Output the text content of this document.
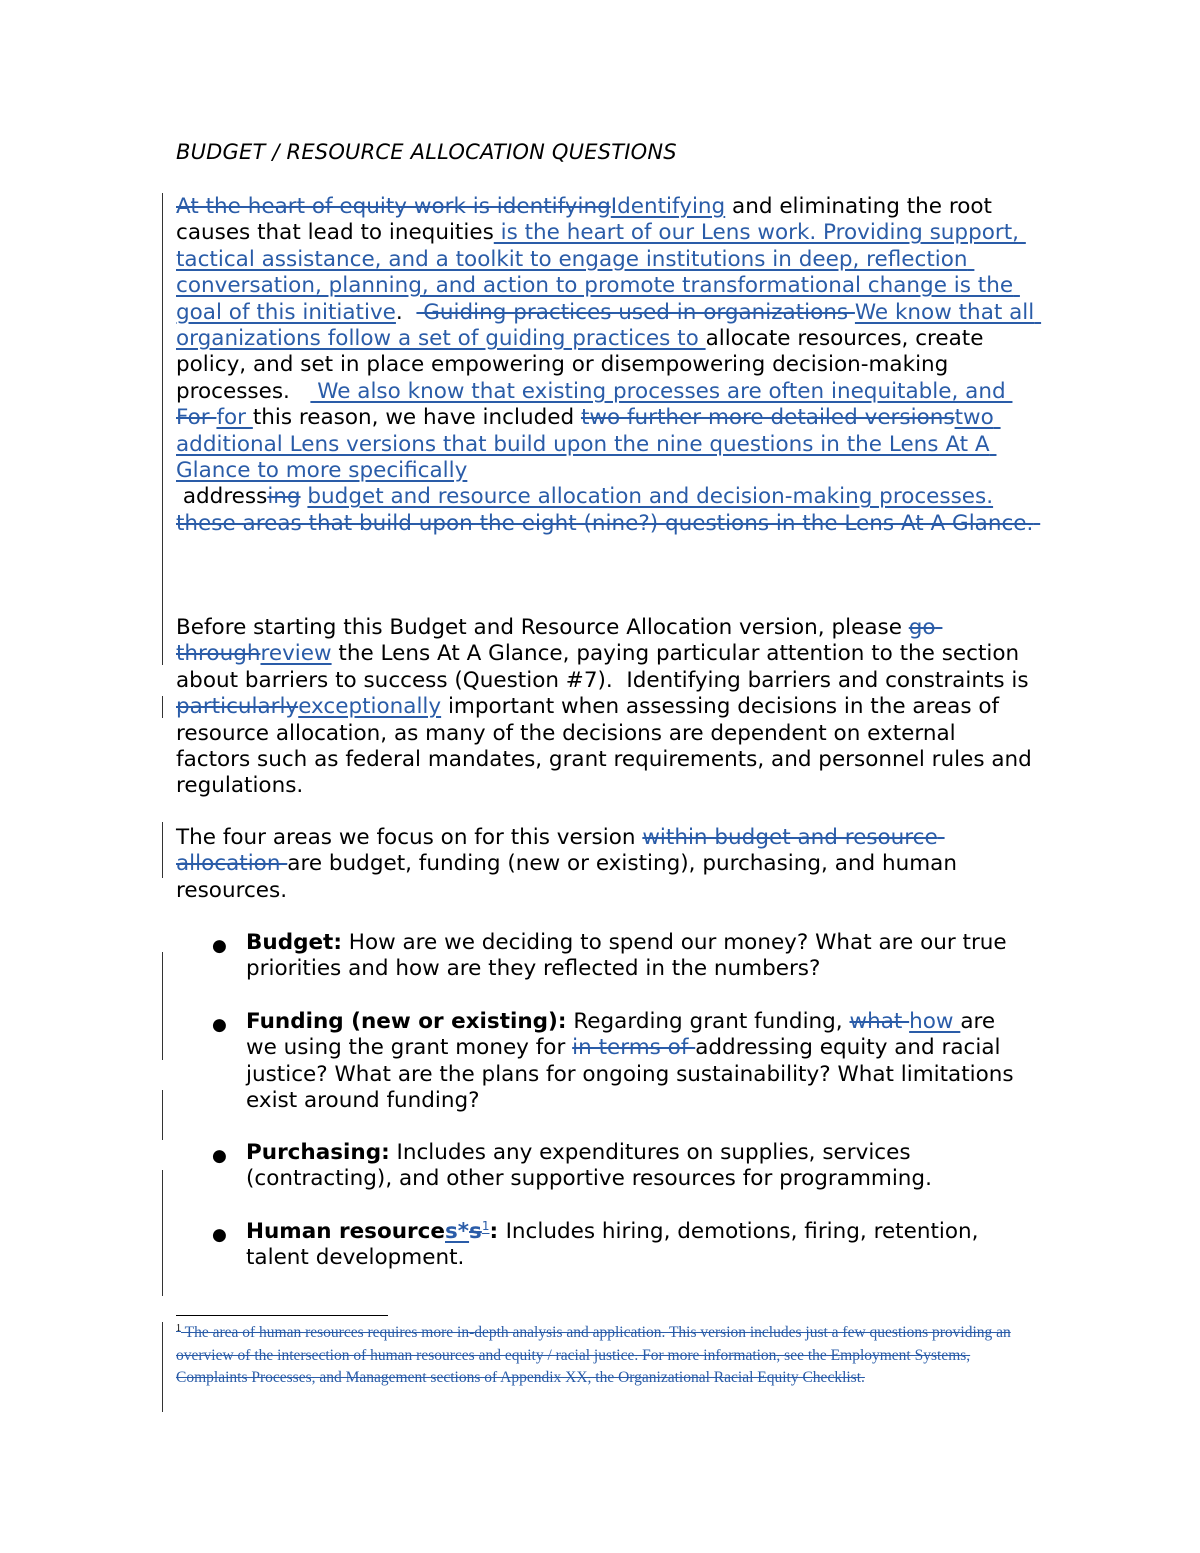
BUDGET / RESOURCE ALLOCATION QUESTIONS
At the heart of equity work is identifyingIdentifying and eliminating the root causes that lead to inequities is the heart of our Lens work. Providing support, tactical assistance, and a toolkit to engage institutions in deep, reflection conversation, planning, and action to promote transformational change is the goal of this initiative.   Guiding practices used in organizations We know that all organizations follow a set of guiding practices to allocate resources, create policy, and set in place empowering or disempowering decision-making processes.    We also know that existing processes are often inequitable, and For for this reason, we have included two further more detailed versionstwo additional Lens versions that build upon the nine questions in the Lens At A Glance to more specifically
addressing budget and resource allocation and decision-making processes.
these areas that build upon the eight (nine?) questions in the Lens At A Glance.
Before starting this Budget and Resource Allocation version, please go throughreview the Lens At A Glance, paying particular attention to the section about barriers to success (Question #7).  Identifying barriers and constraints is particularlyexceptionally important when assessing decisions in the areas of resource allocation, as many of the decisions are dependent on external factors such as federal mandates, grant requirements, and personnel rules and regulations.
The four areas we focus on for this version within budget and resource allocation are budget, funding (new or existing), purchasing, and human resources.
● Budget: How are we deciding to spend our money? What are our true priorities and how are they reflected in the numbers?
● Funding (new or existing): Regarding grant funding, what how are we using the grant money for in terms of addressing equity and racial justice? What are the plans for ongoing sustainability? What limitations exist around funding?
● Purchasing: Includes any expenditures on supplies, services (contracting), and other supportive resources for programming.
● Human $resources*s^1$: Includes hiring, demotions, firing, retention, talent development.
$^1$ The area of human resources requires more in-depth analysis and application. This version includes just a few questions providing an overview of the intersection of human resources and equity / racial justice. For more information, see the Employment Systems, Complaints Processes, and Management sections of Appendix XX, the Organizational Racial Equity Checklist.
